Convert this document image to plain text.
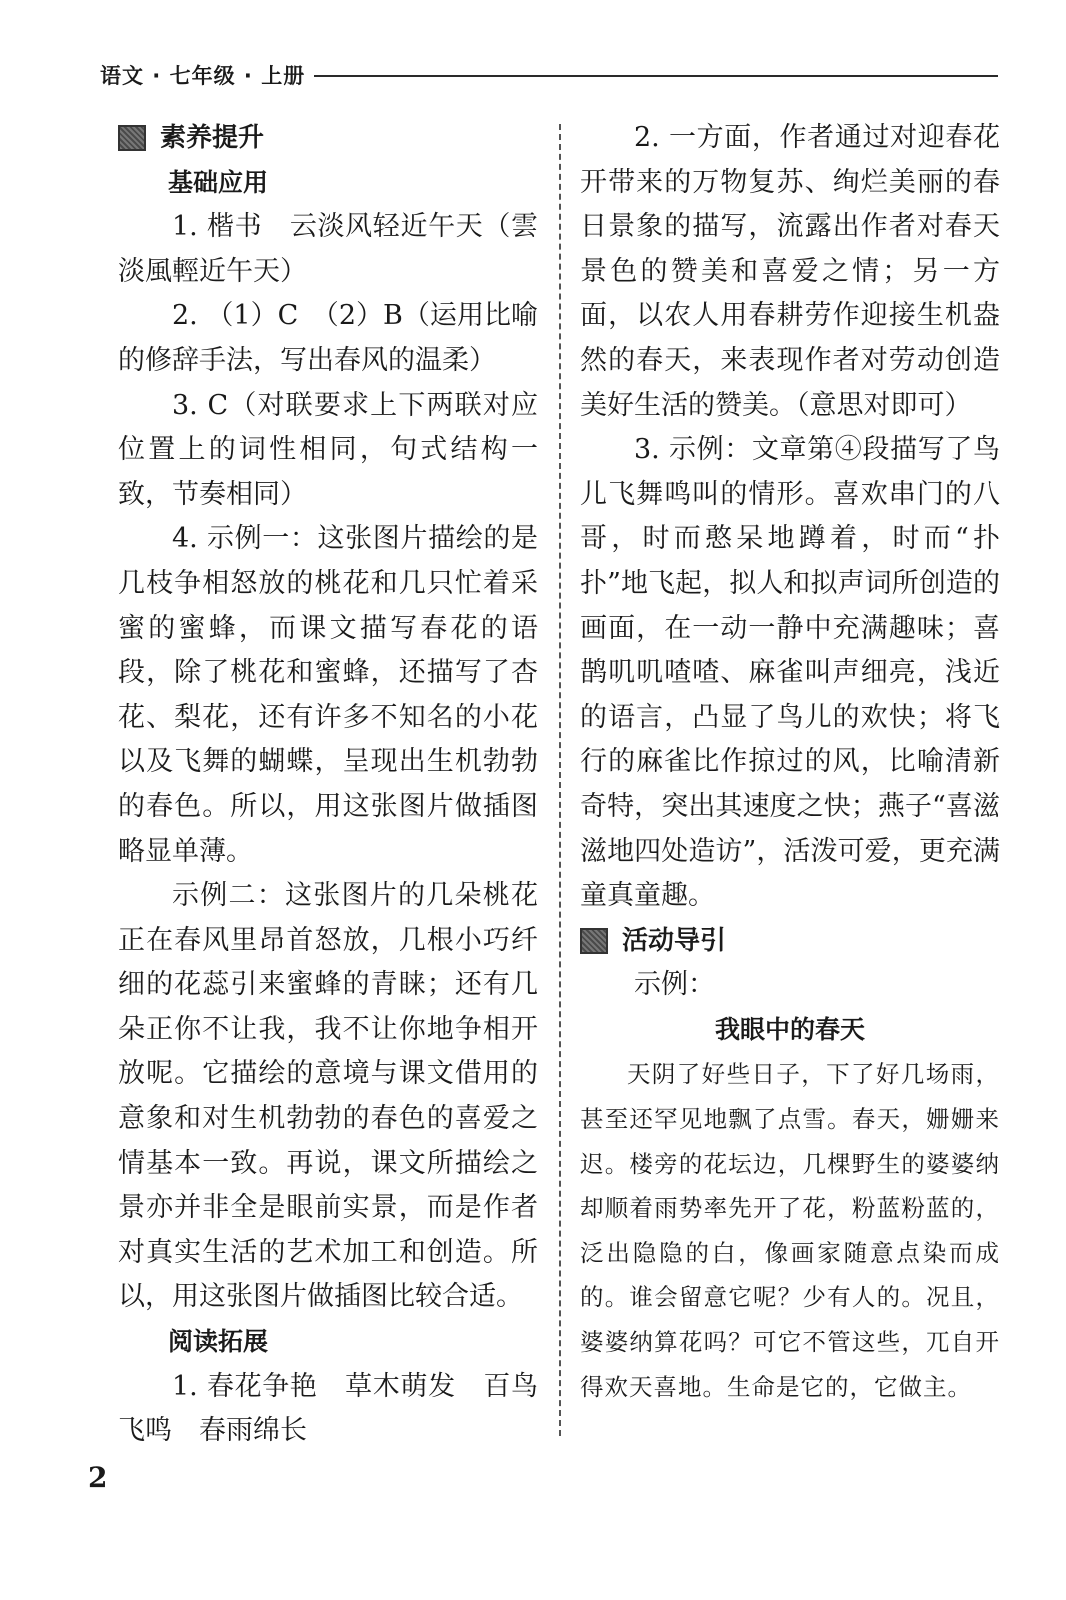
语文 · 七年级 · 上册
素养提升
基础应用

1. 楷书　云淡风轻近午天（雲淡風輕近午天）

2. （1）C　（2）B（运用比喻的修辞手法，写出春风的温柔）

3. C（对联要求上下两联对应位置上的词性相同，句式结构一致，节奏相同）

4. 示例一：这张图片描绘的是几枝争相怒放的桃花和几只忙着采蜜的蜜蜂，而课文描写春花的语段，除了桃花和蜜蜂，还描写了杏花、梨花，还有许多不知名的小花以及飞舞的蝴蝶，呈现出生机勃勃的春色。所以，用这张图片做插图略显单薄。

示例二：这张图片的几朵桃花正在春风里昂首怒放，几根小巧纤细的花蕊引来蜜蜂的青睐；还有几朵正你不让我，我不让你地争相开放呢。它描绘的意境与课文借用的意象和对生机勃勃的春色的喜爱之情基本一致。再说，课文所描绘之景亦并非全是眼前实景，而是作者对真实生活的艺术加工和创造。所以，用这张图片做插图比较合适。

阅读拓展

1. 春花争艳　草木萌发　百鸟飞鸣　春雨绵长

2. 一方面，作者通过对迎春花开带来的万物复苏、绚烂美丽的春日景象的描写，流露出作者对春天景色的赞美和喜爱之情；另一方面，以农人用春耕劳作迎接生机盎然的春天，来表现作者对劳动创造美好生活的赞美。（意思对即可）

3. 示例：文章第④段描写了鸟儿飞舞鸣叫的情形。喜欢串门的八哥，时而憨呆地蹲着，时而“扑扑”地飞起，拟人和拟声词所创造的画面，在一动一静中充满趣味；喜鹊叽叽喳喳、麻雀叫声细亮，浅近的语言，凸显了鸟儿的欢快；将飞行的麻雀比作掠过的风，比喻清新奇特，突出其速度之快；燕子“喜滋滋地四处造访”，活泼可爱，更充满童真童趣。

活动导引

示例：

我眼中的春天

天阴了好些日子，下了好几场雨，甚至还罕见地飘了点雪。春天，姗姗来迟。楼旁的花坛边，几棵野生的婆婆纳却顺着雨势率先开了花，粉蓝粉蓝的，泛出隐隐的白，像画家随意点染而成的。谁会留意它呢？少有人的。况且，婆婆纳算花吗？可它不管这些，兀自开得欢天喜地。生命是它的，它做主。

2
